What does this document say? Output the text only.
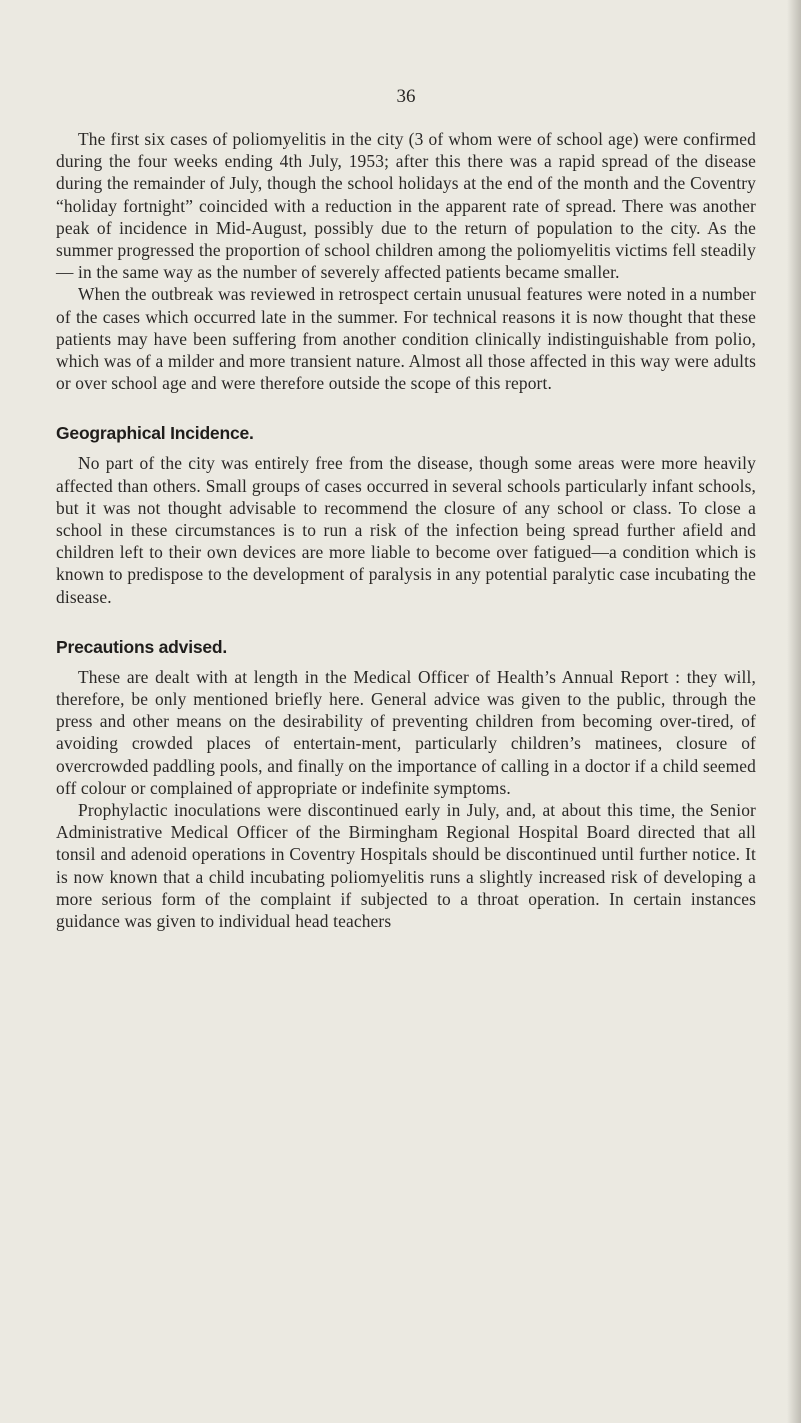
36

The first six cases of poliomyelitis in the city (3 of whom were of school age) were confirmed during the four weeks ending 4th July, 1953; after this there was a rapid spread of the disease during the remainder of July, though the school holidays at the end of the month and the Coventry “holiday fortnight” coincided with a reduction in the apparent rate of spread. There was another peak of incidence in Mid-August, possibly due to the return of population to the city. As the summer progressed the proportion of school children among the poliomyelitis victims fell steadily— in the same way as the number of severely affected patients became smaller.

When the outbreak was reviewed in retrospect certain unusual features were noted in a number of the cases which occurred late in the summer. For technical reasons it is now thought that these patients may have been suffering from another condition clinically indistinguishable from polio, which was of a milder and more transient nature. Almost all those affected in this way were adults or over school age and were therefore outside the scope of this report.

Geographical Incidence.

No part of the city was entirely free from the disease, though some areas were more heavily affected than others. Small groups of cases occurred in several schools particularly infant schools, but it was not thought advisable to recommend the closure of any school or class. To close a school in these circumstances is to run a risk of the infection being spread further afield and children left to their own devices are more liable to become over fatigued—a condition which is known to predispose to the development of paralysis in any potential paralytic case incubating the disease.

Precautions advised.

These are dealt with at length in the Medical Officer of Health’s Annual Report : they will, therefore, be only mentioned briefly here. General advice was given to the public, through the press and other means on the desirability of preventing children from becoming over-tired, of avoiding crowded places of entertain-ment, particularly children’s matinees, closure of overcrowded paddling pools, and finally on the importance of calling in a doctor if a child seemed off colour or complained of appropriate or indefinite symptoms.

Prophylactic inoculations were discontinued early in July, and, at about this time, the Senior Administrative Medical Officer of the Birmingham Regional Hospital Board directed that all tonsil and adenoid operations in Coventry Hospitals should be discontinued until further notice. It is now known that a child incubating poliomyelitis runs a slightly increased risk of developing a more serious form of the complaint if subjected to a throat operation. In certain instances guidance was given to individual head teachers
